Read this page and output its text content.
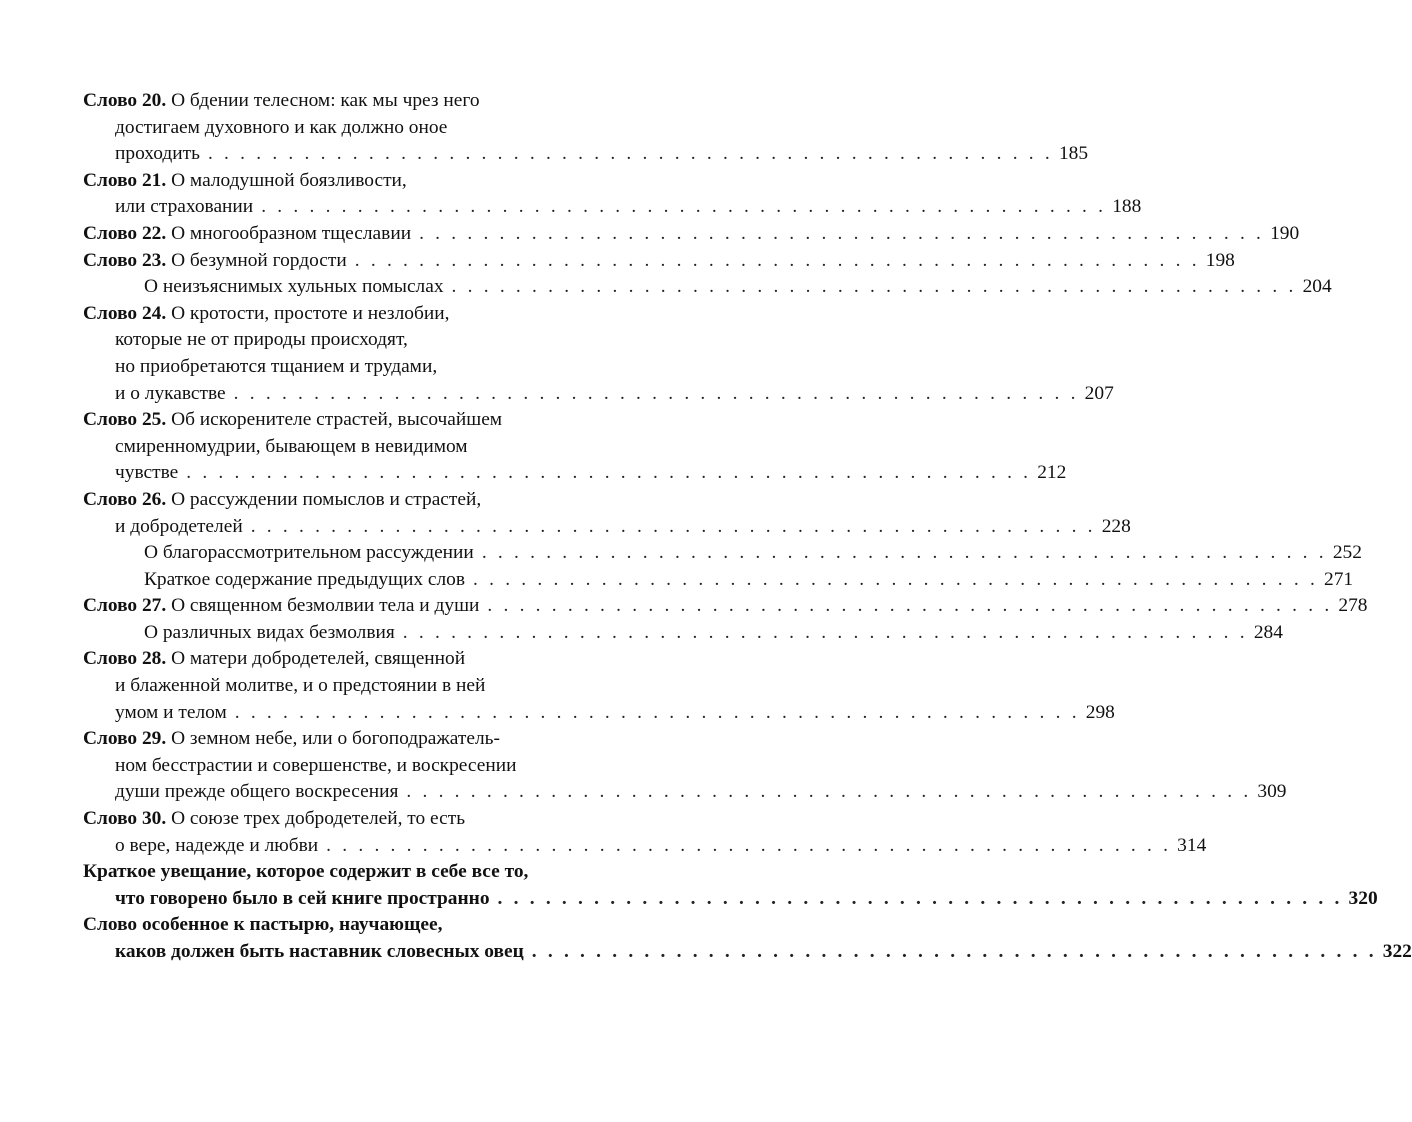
Слово 20. О бдении телесном: как мы чрез него
достигаем духовного и как должно оное
проходить . . . . . . . . . . . . . . . . . . . . . . . . . . . . . . . . . . . . . . . . . . . . . . . . . . . . . 185
Слово 21. О малодушной боязливости,
или страховании . . . . . . . . . . . . . . . . . . . . . . . . . . . . . . . . . . . . . . . . . . . . . . . . . . . . . 188
Слово 22. О многообразном тщеславии . . . . . . . . . . . . . . . . . . . . . . . . . . . . . . . . . . . . . . . . . . . . . . . . . . . . . 190
Слово 23. О безумной гордости . . . . . . . . . . . . . . . . . . . . . . . . . . . . . . . . . . . . . . . . . . . . . . . . . . . . . 198
О неизъяснимых хульных помыслах . . . . . . . . . . . . . . . . . . . . . . . . . . . . . . . . . . . . . . . . . . . . . . . . . . . . . 204
Слово 24. О кротости, простоте и незлобии,
которые не от природы происходят,
но приобретаются тщанием и трудами,
и о лукавстве . . . . . . . . . . . . . . . . . . . . . . . . . . . . . . . . . . . . . . . . . . . . . . . . . . . . . 207
Слово 25. Об искоренителе страстей, высочайшем
смиренномудрии, бывающем в невидимом
чувстве . . . . . . . . . . . . . . . . . . . . . . . . . . . . . . . . . . . . . . . . . . . . . . . . . . . . . 212
Слово 26. О рассуждении помыслов и страстей,
и добродетелей . . . . . . . . . . . . . . . . . . . . . . . . . . . . . . . . . . . . . . . . . . . . . . . . . . . . . 228
О благорассмотрительном рассуждении . . . . . . . . . . . . . . . . . . . . . . . . . . . . . . . . . . . . . . . . . . . . . . . . . . . . . 252
Краткое содержание предыдущих слов . . . . . . . . . . . . . . . . . . . . . . . . . . . . . . . . . . . . . . . . . . . . . . . . . . . . . 271
Слово 27. О священном безмолвии тела и души . . . . . . . . . . . . . . . . . . . . . . . . . . . . . . . . . . . . . . . . . . . . . . . . . . . . . 278
О различных видах безмолвия . . . . . . . . . . . . . . . . . . . . . . . . . . . . . . . . . . . . . . . . . . . . . . . . . . . . . 284
Слово 28. О матери добродетелей, священной
и блаженной молитве, и о предстоянии в ней
умом и телом . . . . . . . . . . . . . . . . . . . . . . . . . . . . . . . . . . . . . . . . . . . . . . . . . . . . . 298
Слово 29. О земном небе, или о богоподражатель-
ном бесстрастии и совершенстве, и воскресении
души прежде общего воскресения . . . . . . . . . . . . . . . . . . . . . . . . . . . . . . . . . . . . . . . . . . . . . . . . . . . . . 309
Слово 30. О союзе трех добродетелей, то есть
о вере, надежде и любви . . . . . . . . . . . . . . . . . . . . . . . . . . . . . . . . . . . . . . . . . . . . . . . . . . . . . 314
Краткое увещание, которое содержит в себе все то,
что говорено было в сей книге пространно . . . . . . . . . . . . . . . . . . . . . . . . . . . . . . . . . . . . . . . . . . . . . . . . . . . . . 320
Слово особенное к пастырю, научающее,
каков должен быть наставник словесных овец . . . . . . . . . . . . . . . . . . . . . . . . . . . . . . . . . . . . . . . . . . . . . . . . . . . . . 322
